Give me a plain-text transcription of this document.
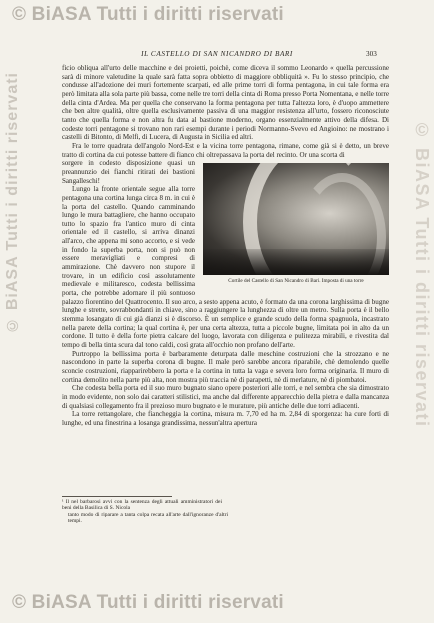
© BiASA Tutti i diritti riservati
© BiASA Tutti i diritti riservati	© BiASA Tutti i diritti riservati
IL CASTELLO DI SAN NICANDRO DI BARI	303

ficio obliqua all'urto delle macchine e dei proietti, poichè, come diceva il sommo Leonardo « quella percussione sarà di minore valetudine la quale sarà fatta sopra obbietto di maggiore obbliquità ». Fu lo stesso principio, che condusse all'adozione dei muri fortemente scarpati, ed alle prime torri di forma pentagona, in cui tale forma era però limitata alla sola parte più bassa, come nelle tre torri della cinta di Roma presso Porta Nomentana, e nelle torre della cinta d'Ardea. Ma per quella che conservano la forma pentagona per tutta l'altezza loro, è d'uopo ammettere che ben altre qualità, oltre quella esclusivamente passiva di una maggior resistenza all'urto, fossero riconosciute tanto che quella forma e non altra fu data al bastione moderno, organo essenzialmente attivo della difesa. Di codeste torri pentagone si trovano non rari esempi durante i periodi Normanno-Svevo ed Angioino: ne mostrano i castelli di Bitonto, di Melfi, di Lucera, di Augusta in Sicilia ed altri.

Fra le torre quadrata dell'angolo Nord-Est e la vicina torre pentagona, rimane, come già si è detto, un breve tratto di cortina da cui potesse battere di fianco chi oltrepassava la porta del recinto. Or una scorta di

Cortile del Castello di San Nicandro di Bari. Imposta di una torre

sorgere in codesto disposizione quasi un preannunzio dei fianchi ritirati dei bastioni Sangalleschi!

Lungo la fronte orientale segue alla torre pentagona una cortina lunga circa 8 m. in cui è la porta del castello. Quando camminando lungo le mura battagliere, che hanno occupato tutto lo spazio fra l'antico muro di cinta orientale ed il castello, si arriva dinanzi all'arco, che appena mi sono accorto, e si vede in fondo la superba porta, non si può non essere meravigliati e compresi di ammirazione. Chè davvero non stupore il trovare, in un edificio così assolutamente medievale e militaresco, codesta bellissima porta, che potrebbe adornare il più sontuoso palazzo fiorentino del Quattrocento. Il suo arco, a sesto appena acuto, è formato da una corona larghissima di bugne lunghe e strette, sovrabbondanti in chiave, sino a raggiungere la lunghezza di oltre un metro. Sulla porta è il bello stemma losangato di cui già dianzi si è discorso. È un semplice e grande scudo della forma spagnuola, incastrato nella parete della cortina; la qual cortina è, per una certa altezza, tutta a piccole bugne, limitata poi in alto da un cordone. Il tutto è della forte pietra calcare del luogo, lavorata con diligenza e pulitezza mirabili, e rivestita dal tempo di bella tinta scura dal tono caldi, così grata all'occhio non profano dell'arte.

Purtroppo la bellissima porta è barbaramente deturpata dalle meschine costruzioni che la strozzano e ne nascondono in parte la superba corona di bugne. Il male però sarebbe ancora riparabile, chè demolendo quelle sconcie costruzioni, riapparirebbero la porta e la cortina in tutta la vaga e severa loro forma originaria. Il muro di cortina demolito nella parte più alta, non mostra più traccia nè di parapetti, nè di merlature, nè di piombatoi.

Che codesta bella porta ed il suo muro bugnato siano opere posteriori alle torri, e nel sembra che sia dimostrato in modo evidente, non solo dai caratteri stilistici, ma anche dal differente apparecchio della pietra e dalla mancanza di qualsiasi collegamento fra il prezioso muro bugnato e le murature, più antiche delle due torri adiacenti.

La torre rettangolare, che fiancheggia la cortina, misura m. 7,70 ed ha m. 2,84 di sporgenza: ha cure forti di lunghe, ed una finestrina a losanga grandissima, nessun'altra apertura

¹ Il nel barbarosi avvi con la sentenza degli attuali amministratori dei beni della Basilica di S. Nicola tanto modo di riparare a tanta colpa recata all'arte dall'ignoranze d'altri tempi.
© BiASA Tutti i diritti riservati
